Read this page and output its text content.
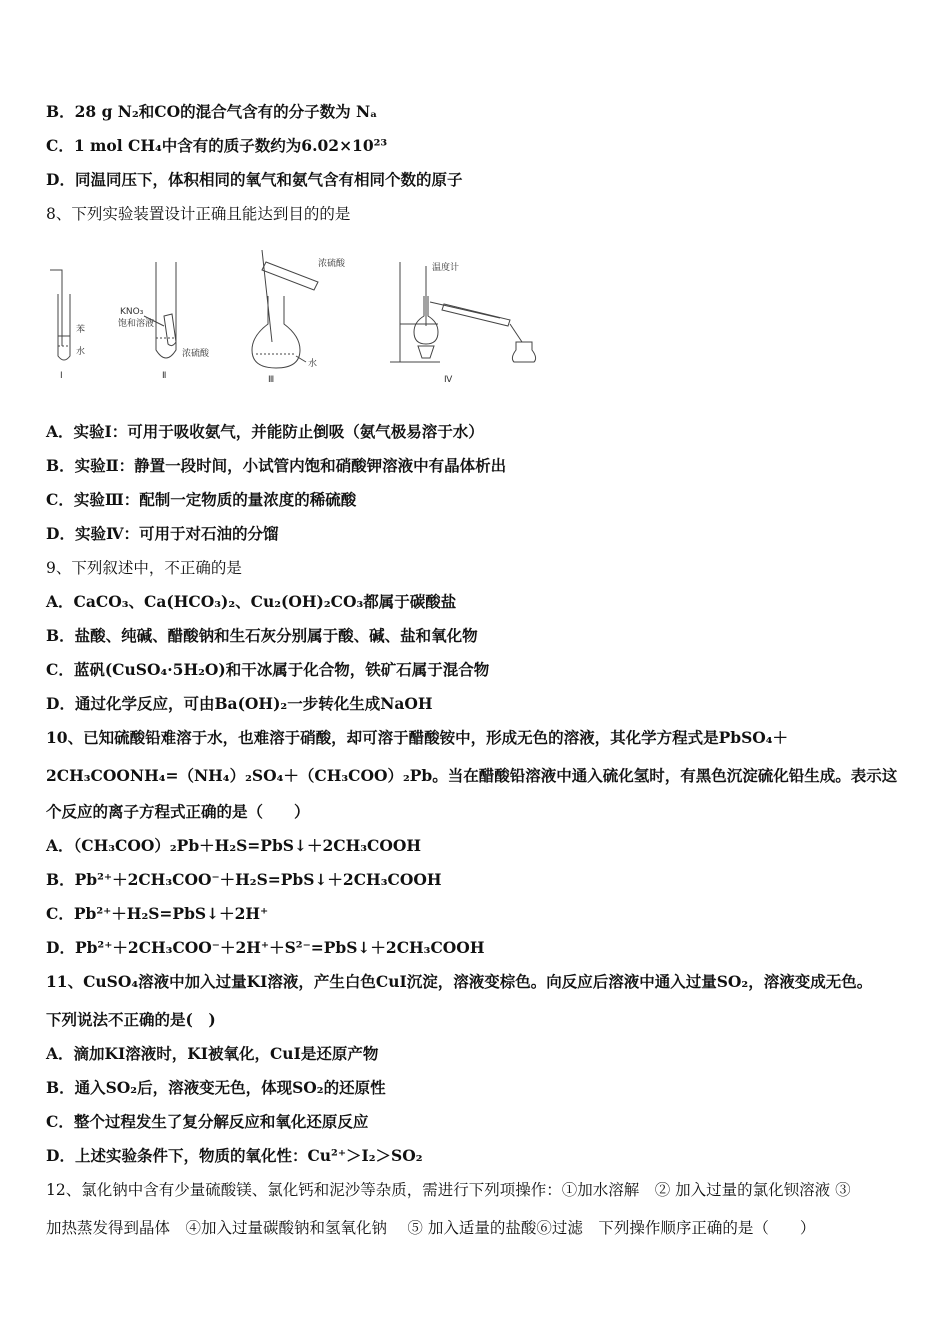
B．28 g N₂和CO的混合气含有的分子数为 Nₐ
C．1 mol CH₄中含有的质子数约为6.02×10²³
D．同温同压下，体积相同的氧气和氨气含有相同个数的原子
8、下列实验装置设计正确且能达到目的的是
A．实验Ⅰ：可用于吸收氨气，并能防止倒吸（氨气极易溶于水）
B．实验Ⅱ：静置一段时间，小试管内饱和硝酸钾溶液中有晶体析出
C．实验Ⅲ：配制一定物质的量浓度的稀硫酸
D．实验Ⅳ：可用于对石油的分馏
9、下列叙述中，不正确的是
A．CaCO₃、Ca(HCO₃)₂、Cu₂(OH)₂CO₃都属于碳酸盐
B．盐酸、纯碱、醋酸钠和生石灰分别属于酸、碱、盐和氧化物
C．蓝矾(CuSO₄·5H₂O)和干冰属于化合物，铁矿石属于混合物
D．通过化学反应，可由Ba(OH)₂一步转化生成NaOH
10、已知硫酸铅难溶于水，也难溶于硝酸，却可溶于醋酸铵中，形成无色的溶液，其化学方程式是PbSO₄＋
2CH₃COONH₄=（NH₄）₂SO₄＋（CH₃COO）₂Pb。当在醋酸铅溶液中通入硫化氢时，有黑色沉淀硫化铅生成。表示这
个反应的离子方程式正确的是（　　）
A．（CH₃COO）₂Pb＋H₂S=PbS↓＋2CH₃COOH
B．Pb²⁺＋2CH₃COO⁻＋H₂S=PbS↓＋2CH₃COOH
C．Pb²⁺＋H₂S=PbS↓＋2H⁺
D．Pb²⁺＋2CH₃COO⁻＋2H⁺＋S²⁻=PbS↓＋2CH₃COOH
11、CuSO₄溶液中加入过量KI溶液，产生白色CuI沉淀，溶液变棕色。向反应后溶液中通入过量SO₂，溶液变成无色。
下列说法不正确的是(　)
A．滴加KI溶液时，KI被氧化，CuI是还原产物
B．通入SO₂后，溶液变无色，体现SO₂的还原性
C．整个过程发生了复分解反应和氧化还原反应
D．上述实验条件下，物质的氧化性：Cu²⁺＞I₂＞SO₂
12、氯化钠中含有少量硫酸镁、氯化钙和泥沙等杂质，需进行下列项操作：①加水溶解　② 加入过量的氯化钡溶液 ③
加热蒸发得到晶体　④加入过量碳酸钠和氢氧化钠　 ⑤ 加入适量的盐酸⑥过滤　下列操作顺序正确的是（　　）
苯
水
Ⅰ
KNO₃
饱和溶液
浓硫酸
Ⅱ
浓硫酸
水
Ⅲ
温度计
Ⅳ
